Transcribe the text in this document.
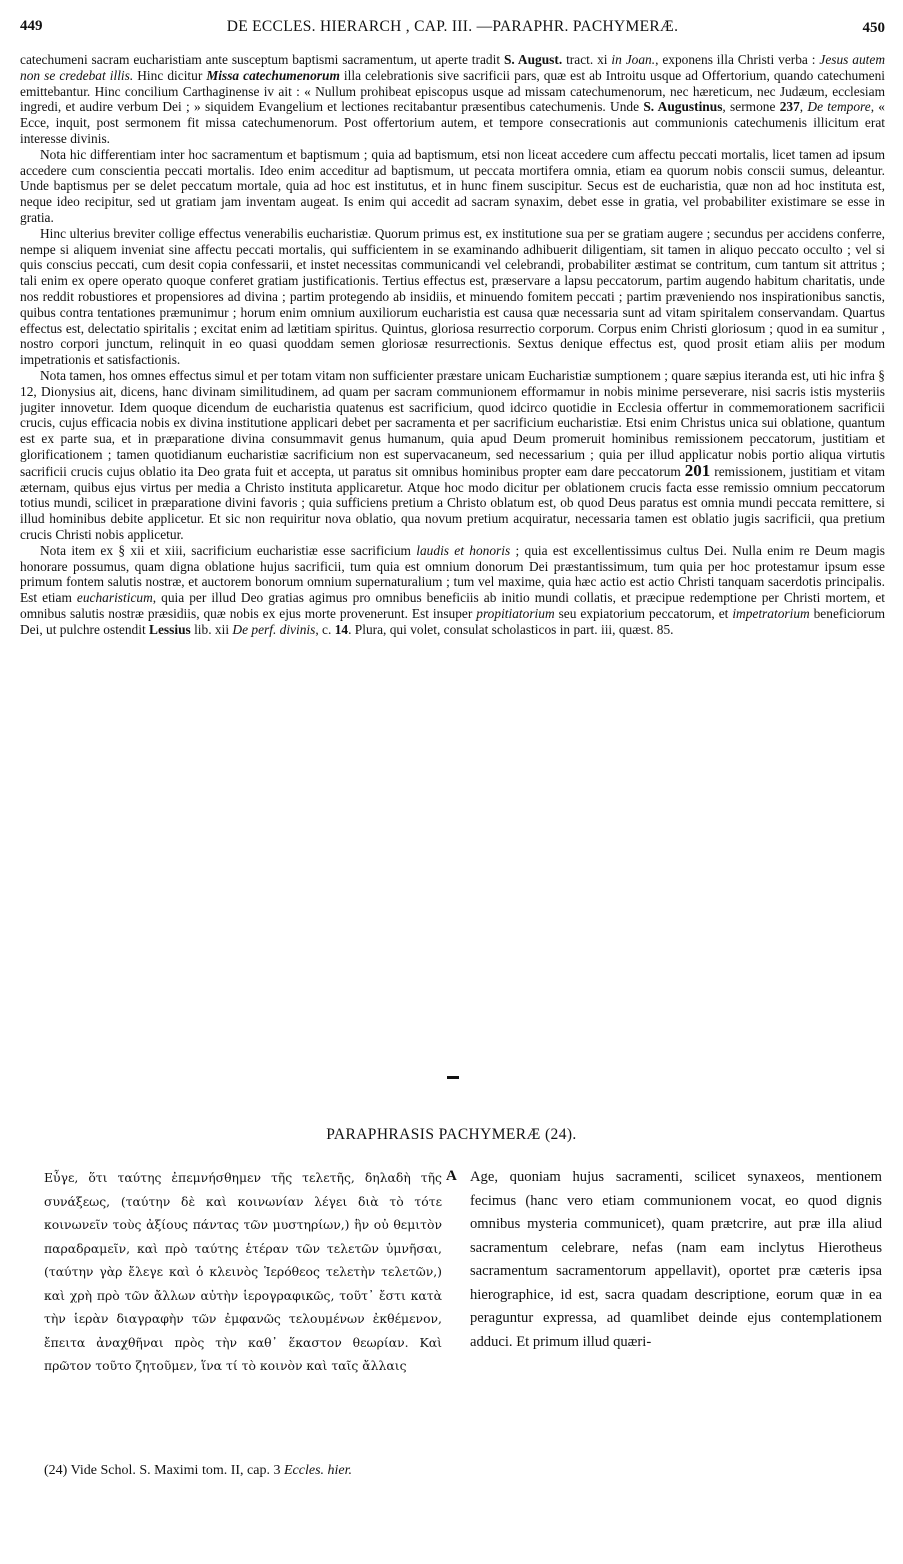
449	DE ECCLES. HIERARCH , CAP. III. —PARAPHR. PACHYMERÆ.	450

catechumeni sacram eucharistiam ante susceptum baptismi sacramentum, ut aperte tradit S. August. tract. xi in Joan., exponens illa Christi verba : Jesus autem non se credebat illis. Hinc dicitur Missa catechumenorum illa celebrationis sive sacrificii pars, quæ est ab Introitu usque ad Offertorium, quando catechumeni emittebantur. Hinc concilium Carthaginense iv ait : « Nullum prohibeat episcopus usque ad missam catechumenorum, nec hæreticum, nec Judæum, ecclesiam ingredi, et audire verbum Dei ; » siquidem Evangelium et lectiones recitabantur præsentibus catechumenis. Unde S. Augustinus, sermone 237, De tempore, « Ecce, inquit, post sermonem fit missa catechumenorum. Post offertorium autem, et tempore consecrationis aut communionis catechumenis illicitum erat interesse divinis.

Nota hic differentiam inter hoc sacramentum et baptismum ; quia ad baptismum, etsi non liceat accedere cum affectu peccati mortalis, licet tamen ad ipsum accedere cum conscientia peccati mortalis. Ideo enim acceditur ad baptismum, ut peccata mortifera omnia, etiam ea quorum nobis conscii sumus, deleantur. Unde baptismus per se delet peccatum mortale, quia ad hoc est institutus, et in hunc finem suscipitur. Secus est de eucharistia, quæ non ad hoc instituta est, neque ideo recipitur, sed ut gratiam jam inventam augeat. Is enim qui accedit ad sacram synaxim, debet esse in gratia, vel probabiliter existimare se esse in gratia.

Hinc ulterius breviter collige effectus venerabilis eucharistiæ. Quorum primus est, ex institutione sua per se gratiam augere ; secundus per accidens conferre, nempe si aliquem inveniat sine affectu peccati mortalis, qui sufficientem in se examinando adhibuerit diligentiam, sit tamen in aliquo peccato occulto ; vel si quis conscius peccati, cum desit copia confessarii, et instet necessitas communicandi vel celebrandi, probabiliter æstimat se contritum, cum tantum sit attritus ; tali enim ex opere operato quoque conferet gratiam justificationis. Tertius effectus est, præservare a lapsu peccatorum, partim augendo habitum charitatis, unde nos reddit robustiores et propensiores ad divina ; partim protegendo ab insidiis, et minuendo fomitem peccati ; partim præveniendo nos inspirationibus sanctis, quibus contra tentationes præmunimur ; horum enim omnium auxiliorum eucharistia est causa quæ necessaria sunt ad vitam spiritalem conservandam. Quartus effectus est, delectatio spiritalis ; excitat enim ad lætitiam spiritus. Quintus, gloriosa resurrectio corporum. Corpus enim Christi gloriosum ; quod in ea sumitur , nostro corpori junctum, relinquit in eo quasi quoddam semen gloriosæ resurrectionis. Sextus denique effectus est, quod prosit etiam aliis per modum impetrationis et satisfactionis.

Nota tamen, hos omnes effectus simul et per totam vitam non sufficienter præstare unicam Eucharistiæ sumptionem ; quare sæpius iteranda est, uti hic infra § 12, Dionysius ait, dicens, hanc divinam similitudinem, ad quam per sacram communionem efformamur in nobis minime perseverare, nisi sacris istis mysteriis jugiter innovetur. Idem quoque dicendum de eucharistia quatenus est sacrificium, quod idcirco quotidie in Ecclesia offertur in commemorationem sacrificii crucis, cujus efficacia nobis ex divina institutione applicari debet per sacramenta et per sacrificium eucharistiæ. Etsi enim Christus unica sui oblatione, quantum est ex parte sua, et in præparatione divina consummavit genus humanum, quia apud Deum promeruit hominibus remissionem peccatorum, justitiam et glorificationem ; tamen quotidianum eucharistiæ sacrificium non est supervacaneum, sed necessarium ; quia per illud applicatur nobis portio aliqua virtutis sacrificii crucis cujus oblatio ita Deo grata fuit et accepta, ut paratus sit omnibus hominibus propter eam dare peccatorum 201 remissionem, justitiam et vitam æternam, quibus ejus virtus per media a Christo instituta applicaretur. Atque hoc modo dicitur per oblationem crucis facta esse remissio omnium peccatorum totius mundi, scilicet in præparatione divini favoris ; quia sufficiens pretium a Christo oblatum est, ob quod Deus paratus est omnia mundi peccata remittere, si illud hominibus debite applicetur. Et sic non requiritur nova oblatio, qua novum pretium acquiratur, necessaria tamen est oblatio jugis sacrificii, qua pretium crucis Christi nobis applicetur.

Nota item ex § xii et xiii, sacrificium eucharistiæ esse sacrificium laudis et honoris ; quia est excellentissimus cultus Dei. Nulla enim re Deum magis honorare possumus, quam digna oblatione hujus sacrificii, tum quia est omnium donorum Dei præstantissimum, tum quia per hoc protestamur ipsum esse primum fontem salutis nostræ, et auctorem bonorum omnium supernaturalium ; tum vel maxime, quia hæc actio est actio Christi tanquam sacerdotis principalis. Est etiam eucharisticum, quia per illud Deo gratias agimus pro omnibus beneficiis ab initio mundi collatis, et præcipue redemptione per Christi mortem, et omnibus salutis nostræ præsidiis, quæ nobis ex ejus morte provenerunt. Est insuper propitiatorium seu expiatorium peccatorum, et impetratorium beneficiorum Dei, ut pulchre ostendit Lessius lib. xii De perf. divinis, c. 14. Plura, qui volet, consulat scholasticos in part. iii, quæst. 85.

PARAPHRASIS PACHYMERÆ (24).
Εὖγε, ὅτι ταύτης ἐπεμνήσθημεν τῆς τελετῆς, δηλαδὴ τῆς συνάξεως, (ταύτην δὲ καὶ κοινωνίαν λέγει διὰ τὸ τότε κοινωνεῖν τοὺς ἀξίους πάντας τῶν μυστηρίων,) ἣν οὐ θεμιτὸν παραδραμεῖν, καὶ πρὸ ταύτης ἑτέραν τῶν τελετῶν ὑμνῆσαι, (ταύτην γὰρ ἔλεγε καὶ ὁ κλεινὸς Ἱερόθεος τελετὴν τελετῶν,) καὶ χρὴ πρὸ τῶν ἄλλων αὐτὴν ἱερογραφικῶς, τοῦτ᾽ ἔστι κατὰ τὴν ἱερὰν διαγραφὴν τῶν ἐμφανῶς τελουμένων ἐκθέμενον, ἔπειτα ἀναχθῆναι πρὸς τὴν καθ᾽ ἕκαστον θεωρίαν. Καὶ πρῶτον τοῦτο ζητοῦμεν, ἵνα τί τὸ κοινὸν καὶ ταῖς ἄλλαις
A Age, quoniam hujus sacramenti, scilicet synaxeos, mentionem fecimus (hanc vero etiam communionem vocat, eo quod dignis omnibus mysteria communicet), quam prætcrire, aut præ illa aliud sacramentum celebrare, nefas (nam eam inclytus Hierotheus sacramentum sacramentorum appellavit), oportet præ cæteris ipsa hierographice, id est, sacra quadam descriptione, eorum quæ in ea peraguntur expressa, ad quamlibet deinde ejus contemplationem adduci. Et primum illud quæri-
(24) Vide Schol. S. Maximi tom. II, cap. 3 Eccles. hier.
